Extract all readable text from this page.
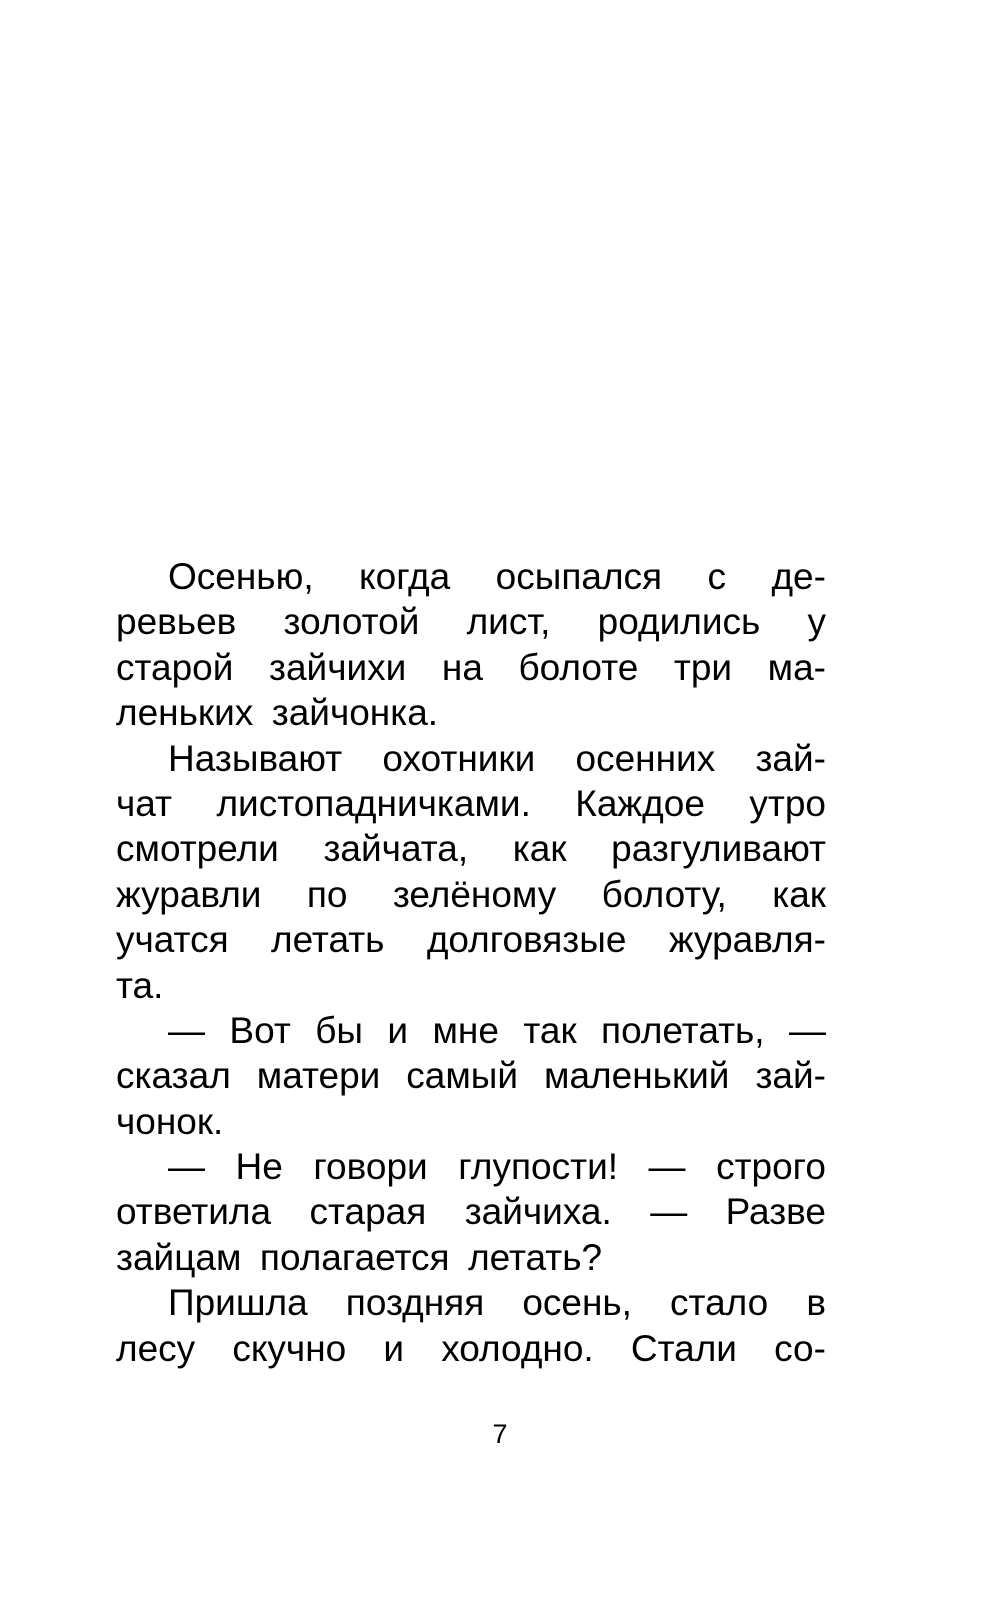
Осенью, когда осыпался с де-
ревьев золотой лист, родились у
старой зайчихи на болоте три ма-
леньких зайчонка.
Называют охотники осенних зай-
чат листопадничками. Каждое утро
смотрели зайчата, как разгуливают
журавли по зелёному болоту, как
учатся летать долговязые журавля-
та.
— Вот бы и мне так полетать, —
сказал матери самый маленький зай-
чонок.
— Не говори глупости! — строго
ответила старая зайчиха. — Разве
зайцам полагается летать?
Пришла поздняя осень, стало в
лесу скучно и холодно. Стали со-
7
